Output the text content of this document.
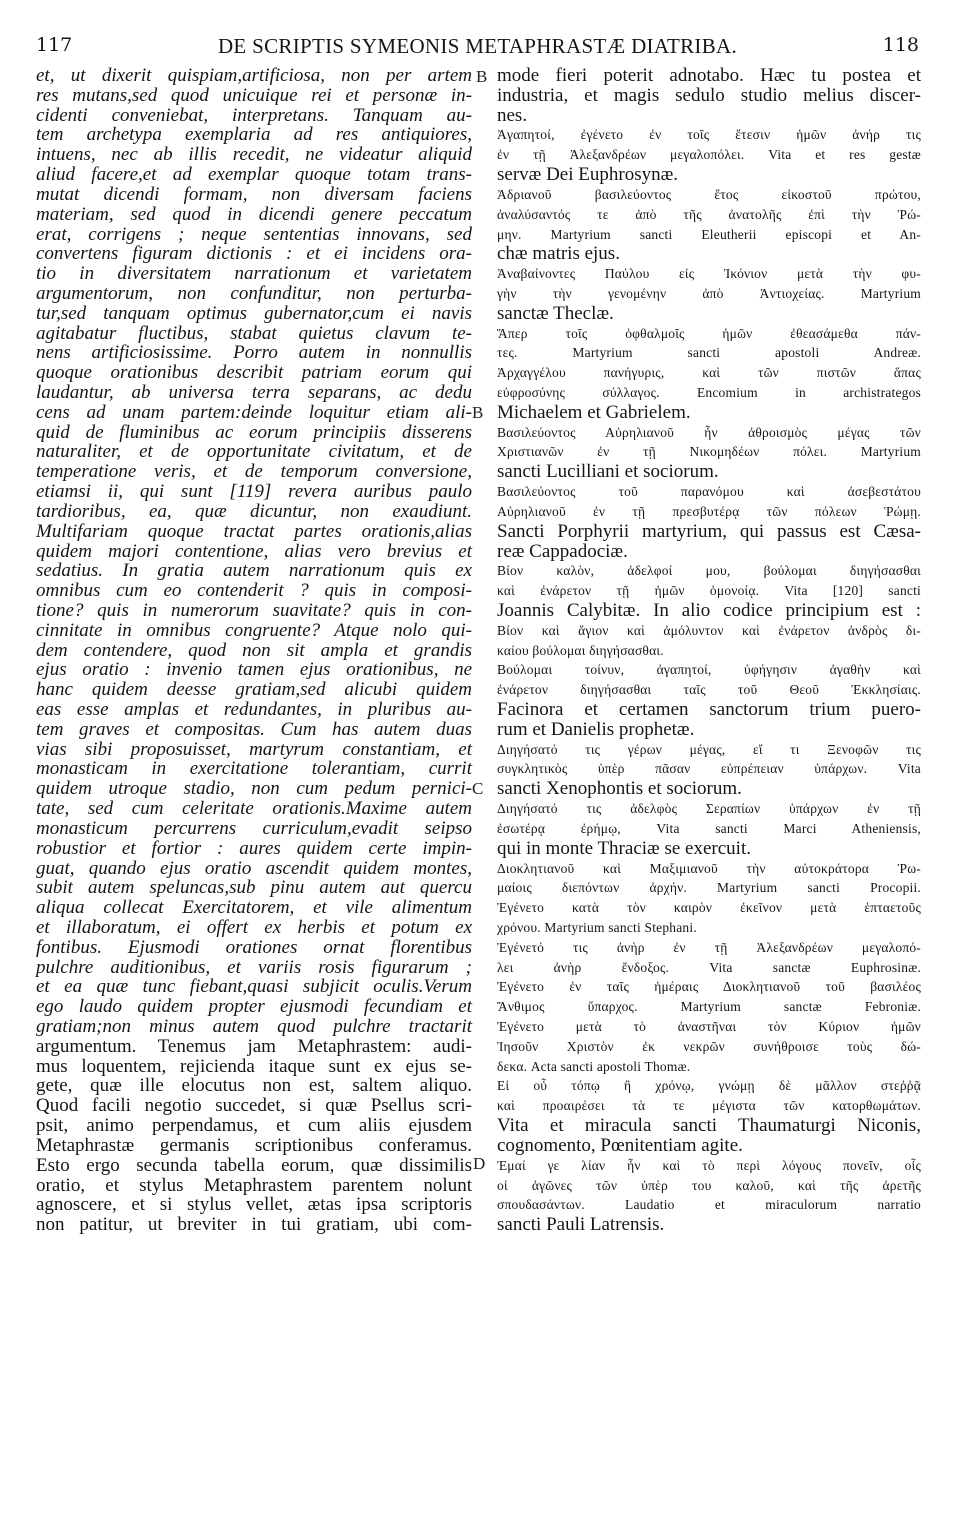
117	DE SCRIPTIS SYMEONIS METAPHRASTÆ DIATRIBA.	118
B
B
C
D
et, ut dixerit quispiam,artificiosa, non per artem
res mutans,sed quod unicuique rei et personæ in-
cidenti conveniebat, interpretans. Tanquam au-
tem archetypa exemplaria ad res antiquiores,
intuens, nec ab illis recedit, ne videatur aliquid
aliud facere,et ad exemplar quoque totam trans-
mutat dicendi formam, non diversam faciens
materiam, sed quod in dicendi genere peccatum
erat, corrigens ; neque sententias innovans, sed
convertens figuram dictionis : et ei incidens ora-
tio in diversitatem narrationum et varietatem
argumentorum, non confunditur, non perturba-
tur,sed tanquam optimus gubernator,cum ei navis
agitabatur fluctibus, stabat quietus clavum te-
nens artificiosissime. Porro autem in nonnullis
quoque orationibus describit patriam eorum qui
laudantur, ab universa terra separans, ac dedu
cens ad unam partem:deinde loquitur etiam ali-
quid de fluminibus ac eorum principiis disserens
naturaliter, et de opportunitate civitatum, et de
temperatione veris, et de temporum conversione,
etiamsi ii, qui sunt [119] revera auribus paulo
tardioribus, ea, quæ dicuntur, non exaudiunt.
Multifariam quoque tractat partes orationis,alias
quidem majori contentione, alias vero brevius et
sedatius. In gratia autem narrationum quis ex
omnibus cum eo contenderit ? quis in composi-
tione? quis in numerorum suavitate? quis in con-
cinnitate in omnibus congruente? Atque nolo qui-
dem contendere, quod non sit ampla et grandis
ejus oratio : invenio tamen ejus orationibus, ne
hanc quidem deesse gratiam,sed alicubi quidem
eas esse amplas et redundantes, in pluribus au-
tem graves et compositas. Cum has autem duas
vias sibi proposuisset, martyrum constantiam, et
monasticam in exercitatione tolerantiam, currit
quidem utroque stadio, non cum pedum pernici-
tate, sed cum celeritate orationis.Maxime autem
monasticum percurrens curriculum,evadit seipso
robustior et fortior : aures quidem certe impin-
guat, quando ejus oratio ascendit quidem montes,
subit autem speluncas,sub pinu autem aut quercu
aliqua collecat Exercitatorem, et vile alimentum
et illaboratum, ei offert ex herbis et potum ex
fontibus. Ejusmodi orationes ornat florentibus
pulchre auditionibus, et variis rosis figurarum ;
et ea quæ tunc fiebant,quasi subjicit oculis.Verum
ego laudo quidem propter ejusmodi fecundiam et
gratiam;non minus autem quod pulchre tractarit
argumentum. Tenemus jam Metaphrastem: audi-
mus loquentem, rejicienda itaque sunt ex ejus se-
gete, quæ ille elocutus non est, saltem aliquo.
Quod facili negotio succedet, si quæ Psellus scri-
psit, animo perpendamus, et cum aliis ejusdem
Metaphrastæ germanis scriptionibus conferamus.
Esto ergo secunda tabella eorum, quæ dissimilis
oratio, et stylus Metaphrastem parentem nolunt
agnoscere, et si stylus vellet, ætas ipsa scriptoris
non patitur, ut breviter in tui gratiam, ubi com-
mode fieri poterit adnotabo. Hæc tu postea et
industria, et magis sedulo studio melius discer-
nes.
Ἀγαπητοί, ἐγένετο ἐν τοῖς ἔτεσιν ἡμῶν ἀνήρ τις
ἐν τῇ Ἀλεξανδρέων μεγαλοπόλει. Vita et res gestæ
servæ Dei Euphrosynæ.
Ἀδριανοῦ βασιλεύοντος ἔτος εἰκοστοῦ πρώτου,
ἀναλύσαντός τε ἀπὸ τῆς ἀνατολῆς ἐπὶ τὴν Ῥώ-
μην. Martyrium sancti Eleutherii episcopi et An-
chæ matris ejus.
Ἀναβαίνοντες Παύλου εἰς Ἰκόνιον μετὰ τὴν φυ-
γὴν τὴν γενομένην ἀπὸ Ἀντιοχείας. Martyrium
sanctæ Theclæ.
Ἅπερ τοῖς ὀφθαλμοῖς ἡμῶν ἐθεασάμεθα πάν-
τες. Martyrium sancti apostoli Andreæ.
Ἀρχαγγέλου πανήγυρις, καὶ τῶν πιστῶν ἅπας
εὐφροσύνης σύλλαγος. Encomium in archistrategos
Michaelem et Gabrielem.
Βασιλεύοντος Αὐρηλιανοῦ ἦν ἀθροισμὸς μέγας τῶν
Χριστιανῶν ἐν τῇ Νικομηδέων πόλει. Martyrium
sancti Lucilliani et sociorum.
Βασιλεύοντος τοῦ παρανόμου καὶ ἀσεβεστάτου
Αὐρηλιανοῦ ἐν τῇ πρεσβυτέρᾳ τῶν πόλεων Ῥώμῃ.
Sancti Porphyrii martyrium, qui passus est Cæsa-
reæ Cappadociæ.
Βίον καλὸν, ἀδελφοί μου, βούλομαι διηγήσασθαι
καὶ ἐνάρετον τῇ ἡμῶν ὁμονοίᾳ. Vita [120] sancti
Joannis Calybitæ. In alio codice principium est :
Βίον καὶ ἅγιον καὶ ἀμόλυντον καὶ ἐνάρετον ἀνδρὸς δι-
καίου βούλομαι διηγήσασθαι.
Βούλομαι τοίνυν, ἀγαπητοί, ὑφήγησιν ἀγαθὴν καὶ
ἐνάρετον διηγήσασθαι ταῖς τοῦ Θεοῦ Ἐκκλησίαις.
Facinora et certamen sanctorum trium puero-
rum et Danielis prophetæ.
Διηγήσατό τις γέρων μέγας, εἴ τι Ξενοφῶν τις
συγκλητικὸς ὑπὲρ πᾶσαν εὐπρέπειαν ὑπάρχων. Vita
sancti Xenophontis et sociorum.
Διηγήσατό τις ἀδελφὸς Σεραπίων ὑπάρχων ἐν τῇ
ἐσωτέρᾳ ἐρήμῳ, Vita sancti Marci Atheniensis,
qui in monte Thraciæ se exercuit.
Διοκλητιανοῦ καὶ Μαξιμιανοῦ τὴν αὐτοκράτορα Ῥω-
μαίοις διεπόντων ἀρχήν. Martyrium sancti Procopii.
Ἐγένετο κατὰ τὸν καιρὸν ἐκεῖνον μετὰ ἑπταετοῦς
χρόνου. Martyrium sancti Stephani.
Ἐγένετό τις ἀνὴρ ἐν τῇ Ἀλεξανδρέων μεγαλοπό-
λει ἀνὴρ ἔνδοξος. Vita sanctæ Euphrosinæ.
Ἐγένετο ἐν ταῖς ἡμέραις Διοκλητιανοῦ τοῦ βασιλέος
Ἄνθιμος ὕπαρχος. Martyrium sanctæ Febroniæ.
Ἐγένετο μετὰ τὸ ἀναστῆναι τὸν Κύριον ἡμῶν
Ἰησοῦν Χριστὸν ἐκ νεκρῶν συνήθροισε τοὺς δώ-
δεκα. Acta sancti apostoli Thomæ.
Εἰ οὖ τόπῳ ἢ χρόνῳ, γνώμῃ δὲ μᾶλλον στεῤῥᾷ
καὶ προαιρέσει τὰ τε μέγιστα τῶν κατορθωμάτων.
Vita et miracula sancti Thaumaturgi Niconis,
cognomento, Pœnitentiam agite.
Ἐμαί γε λίαν ἦν καὶ τὸ περὶ λόγους πονεῖν, οἷς
οἱ ἀγῶνες τῶν ὑπὲρ του καλοῦ, καὶ τῆς ἀρετῆς
σπουδασάντων. Laudatio et miraculorum narratio
sancti Pauli Latrensis.
